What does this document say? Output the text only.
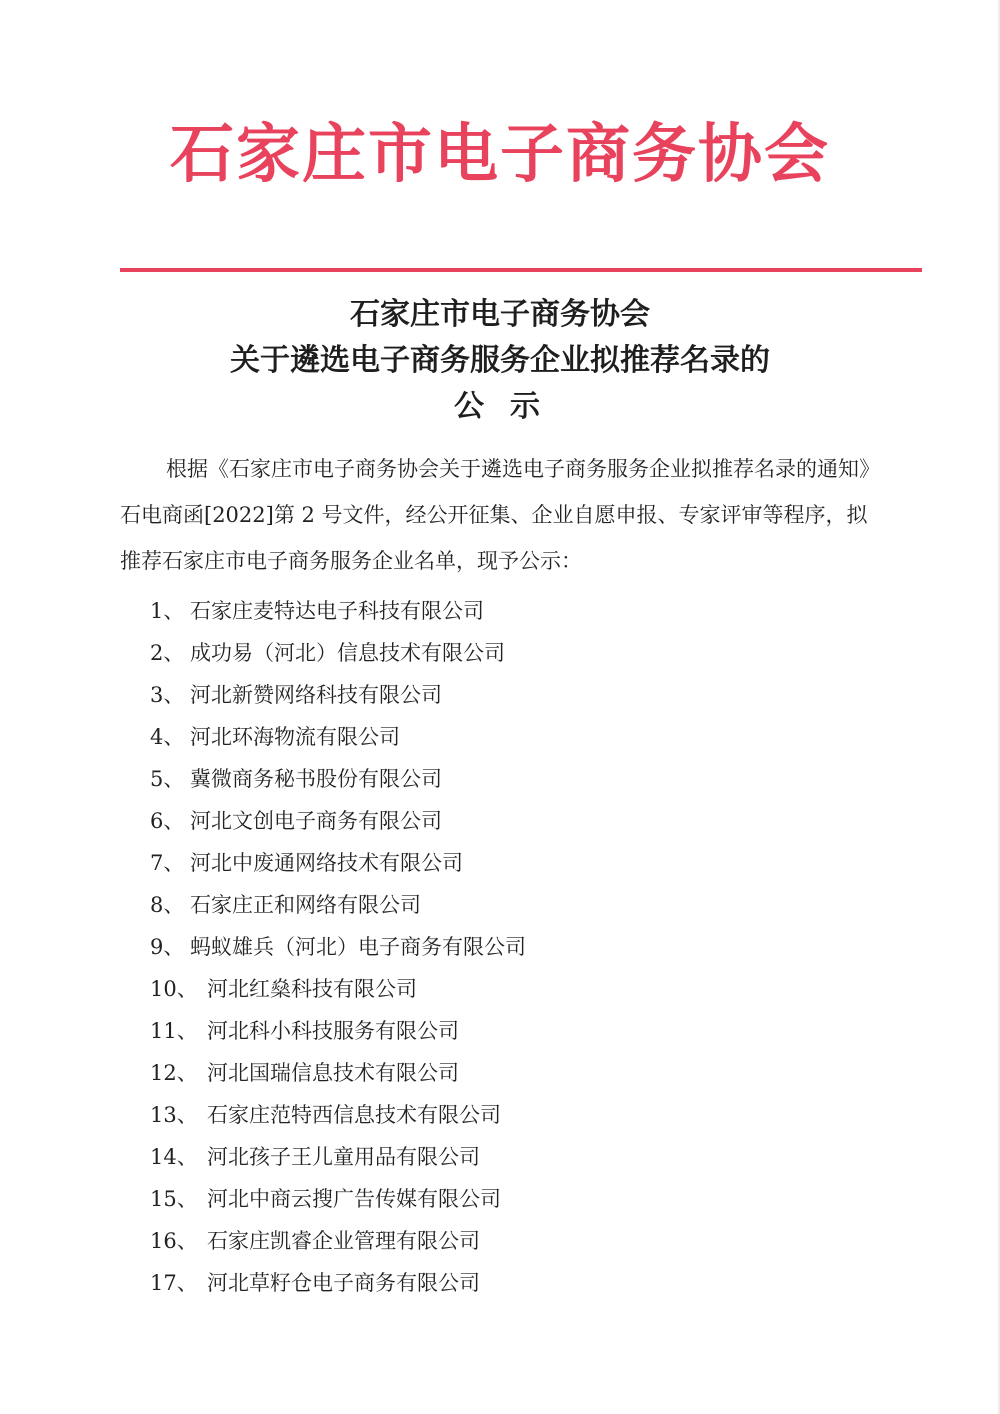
石家庄市电子商务协会
石家庄市电子商务协会
关于遴选电子商务服务企业拟推荐名录的
公示
根据《石家庄市电子商务协会关于遴选电子商务服务企业拟推荐名录的通知》石电商函[2022]第 2 号文件，经公开征集、企业自愿申报、专家评审等程序，拟推荐石家庄市电子商务服务企业名单，现予公示：
1、 石家庄麦特达电子科技有限公司
2、 成功易（河北）信息技术有限公司
3、 河北新赞网络科技有限公司
4、 河北环海物流有限公司
5、 冀微商务秘书股份有限公司
6、 河北文创电子商务有限公司
7、 河北中废通网络技术有限公司
8、 石家庄正和网络有限公司
9、 蚂蚁雄兵（河北）电子商务有限公司
10、 河北红燊科技有限公司
11、 河北科小科技服务有限公司
12、 河北国瑞信息技术有限公司
13、 石家庄范特西信息技术有限公司
14、 河北孩子王儿童用品有限公司
15、 河北中商云搜广告传媒有限公司
16、 石家庄凯睿企业管理有限公司
17、 河北草籽仓电子商务有限公司
